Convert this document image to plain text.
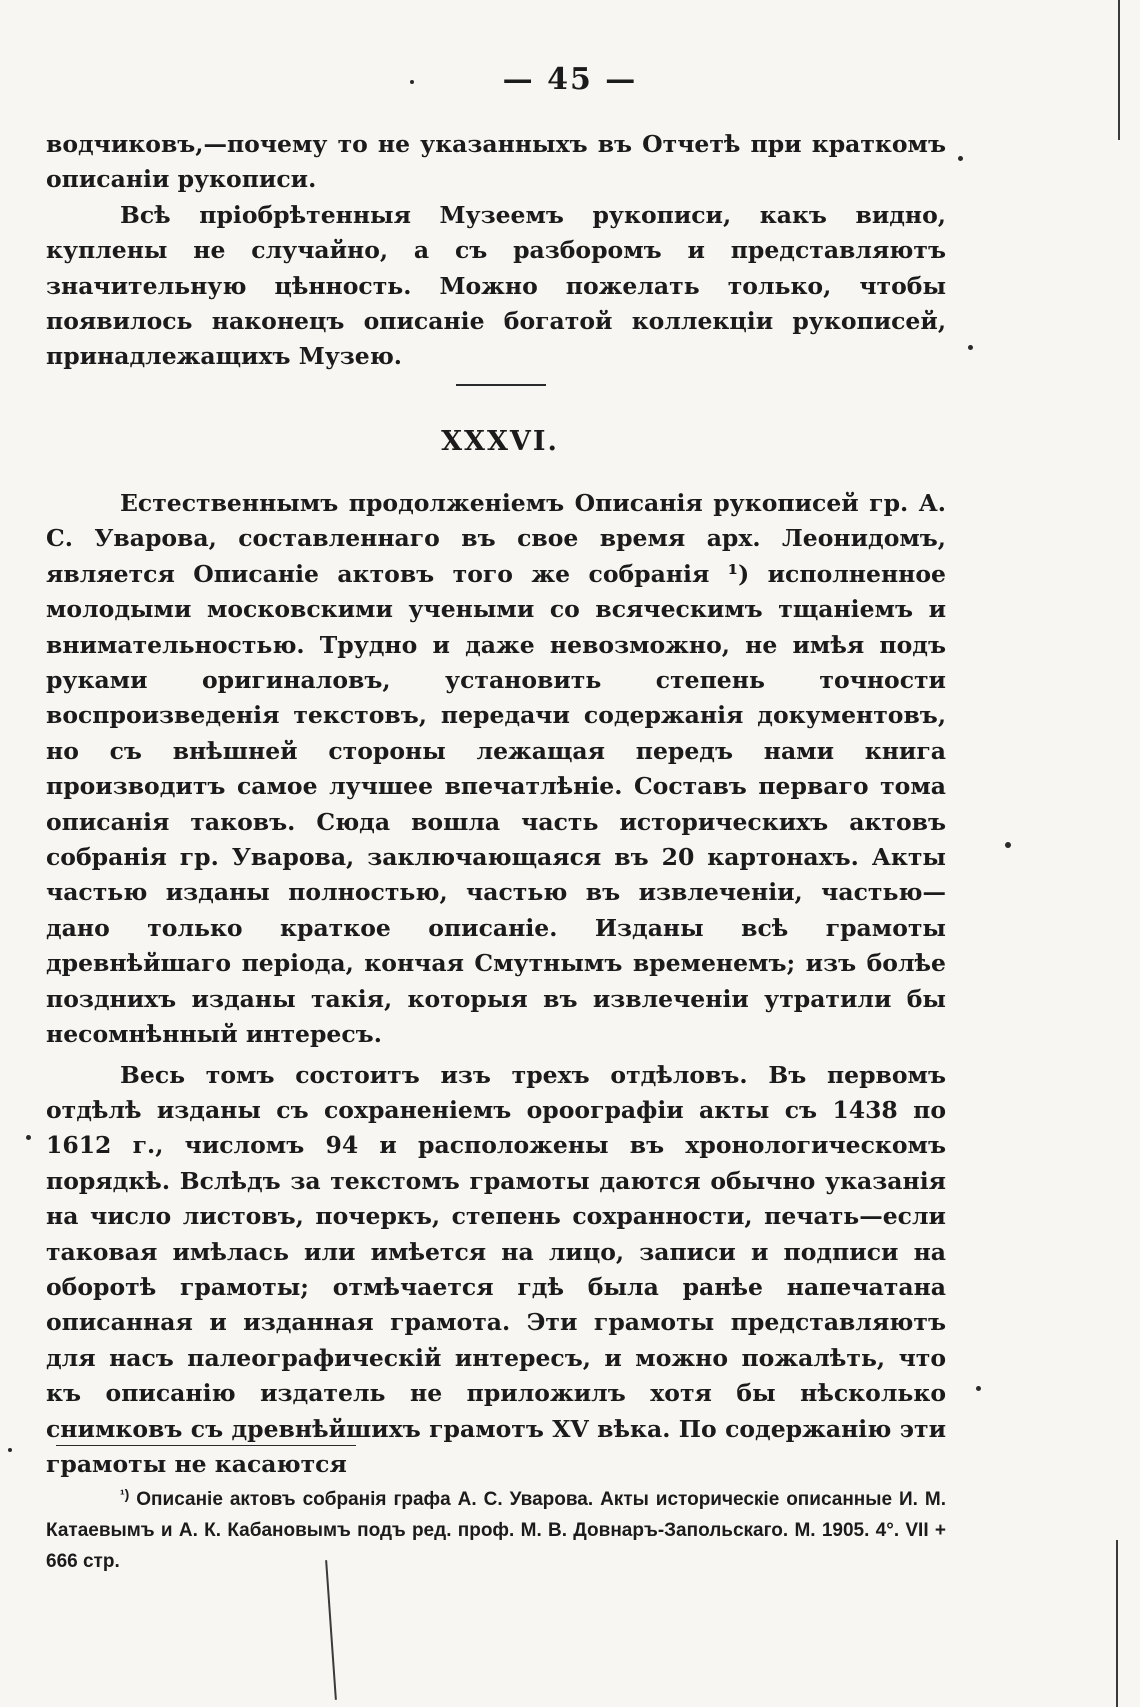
— 45 —

водчиковъ,—почему то не указанныхъ въ Отчетѣ при краткомъ описаніи рукописи.

Всѣ пріобрѣтенныя Музеемъ рукописи, какъ видно, куплены не случайно, а съ разборомъ и представляютъ значительную цѣнность. Можно пожелать только, чтобы появилось наконецъ описаніе богатой коллекціи рукописей, принадлежащихъ Музею.

XXXVI.

Естественнымъ продолженіемъ Описанія рукописей гр. А. С. Уварова, составленнаго въ свое время арх. Леонидомъ, является Описаніе актовъ того же собранія ¹) исполненное молодыми московскими учеными со всяческимъ тщаніемъ и внимательностью. Трудно и даже невозможно, не имѣя подъ руками оригиналовъ, установить степень точности воспроизведенія текстовъ, передачи содержанія документовъ, но съ внѣшней стороны лежащая передъ нами книга производитъ самое лучшее впечатлѣніе. Составъ перваго тома описанія таковъ. Сюда вошла часть историческихъ актовъ собранія гр. Уварова, заключающаяся въ 20 картонахъ. Акты частью изданы полностью, частью въ извлеченіи, частью—дано только краткое описаніе. Изданы всѣ грамоты древнѣйшаго періода, кончая Смутнымъ временемъ; изъ болѣе позднихъ изданы такія, которыя въ извлеченіи утратили бы несомнѣнный интересъ.

Весь томъ состоитъ изъ трехъ отдѣловъ. Въ первомъ отдѣлѣ изданы съ сохраненіемъ ороографіи акты съ 1438 по 1612 г., числомъ 94 и расположены въ хронологическомъ порядкѣ. Вслѣдъ за текстомъ грамоты даются обычно указанія на число листовъ, почеркъ, степень сохранности, печать—если таковая имѣлась или имѣется на лицо, записи и подписи на оборотѣ грамоты; отмѣчается гдѣ была ранѣе напечатана описанная и изданная грамота. Эти грамоты представляютъ для насъ палеографическій интересъ, и можно пожалѣть, что къ описанію издатель не приложилъ хотя бы нѣсколько снимковъ съ древнѣйшихъ грамотъ XV вѣка. По содержанію эти грамоты не касаются

$^{^1)}$ Описаніе актовъ собранія графа А. С. Уварова. Акты историческіе описанные И. М. Катаевымъ и А. К. Кабановымъ подъ ред. проф. М. В. Довнаръ-Запольскаго. М. 1905. 4°. VII + 666 стр.
